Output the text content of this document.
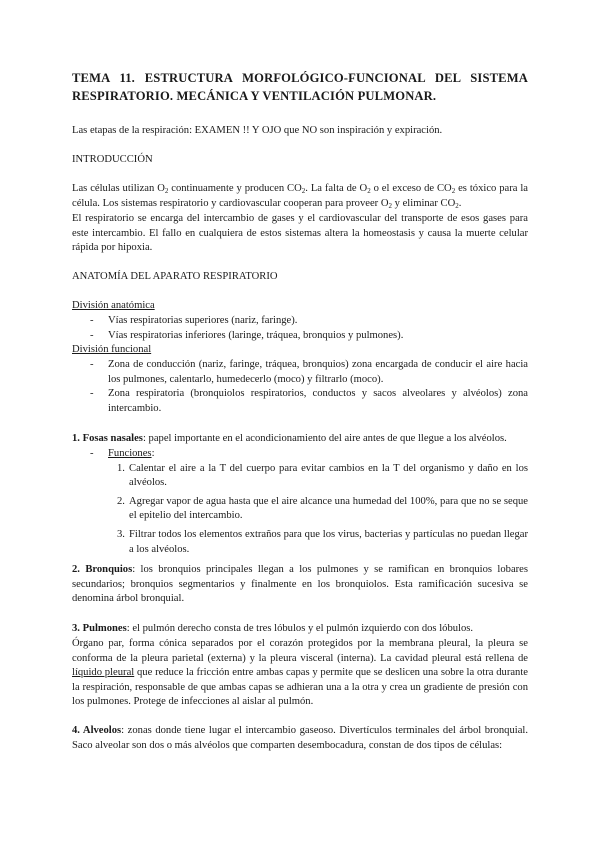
TEMA 11. ESTRUCTURA MORFOLÓGICO-FUNCIONAL DEL SISTEMA RESPIRATORIO. MECÁNICA Y VENTILACIÓN PULMONAR.
Las etapas de la respiración: EXAMEN !! Y OJO que NO son inspiración y expiración.
INTRODUCCIÓN
Las células utilizan $O_2$ continuamente y producen $CO_2$. La falta de $O_2$ o el exceso de $CO_2$ es tóxico para la célula. Los sistemas respiratorio y cardiovascular cooperan para proveer $O_2$ y eliminar $CO_2$.
El respiratorio se encarga del intercambio de gases y el cardiovascular del transporte de esos gases para este intercambio. El fallo en cualquiera de estos sistemas altera la homeostasis y causa la muerte celular rápida por hipoxia.
ANATOMÍA DEL APARATO RESPIRATORIO
División anatómica
- Vías respiratorias superiores (nariz, faringe).
- Vías respiratorias inferiores (laringe, tráquea, bronquios y pulmones).
División funcional
- Zona de conducción (nariz, faringe, tráquea, bronquios) zona encargada de conducir el aire hacia los pulmones, calentarlo, humedecerlo (moco) y filtrarlo (moco).
- Zona respiratoria (bronquiolos respiratorios, conductos y sacos alveolares y alvéolos) zona intercambio.
1. Fosas nasales: papel importante en el acondicionamiento del aire antes de que llegue a los alvéolos.
- Funciones:
1. Calentar el aire a la T del cuerpo para evitar cambios en la T del organismo y daño en los alvéolos.
2. Agregar vapor de agua hasta que el aire alcance una humedad del 100%, para que no se seque el epitelio del intercambio.
3. Filtrar todos los elementos extraños para que los virus, bacterias y partículas no puedan llegar a los alvéolos.
2. Bronquios: los bronquios principales llegan a los pulmones y se ramifican en bronquios lobares secundarios; bronquios segmentarios y finalmente en los bronquiolos. Esta ramificación sucesiva se denomina árbol bronquial.
3. Pulmones: el pulmón derecho consta de tres lóbulos y el pulmón izquierdo con dos lóbulos.
Órgano par, forma cónica separados por el corazón protegidos por la membrana pleural, la pleura se conforma de la pleura parietal (externa) y la pleura visceral (interna). La cavidad pleural está rellena de líquido pleural que reduce la fricción entre ambas capas y permite que se deslicen una sobre la otra durante la respiración, responsable de que ambas capas se adhieran una a la otra y crea un gradiente de presión con los pulmones. Protege de infecciones al aislar al pulmón.
4. Alveolos: zonas donde tiene lugar el intercambio gaseoso. Divertículos terminales del árbol bronquial. Saco alveolar son dos o más alvéolos que comparten desembocadura, constan de dos tipos de células:
